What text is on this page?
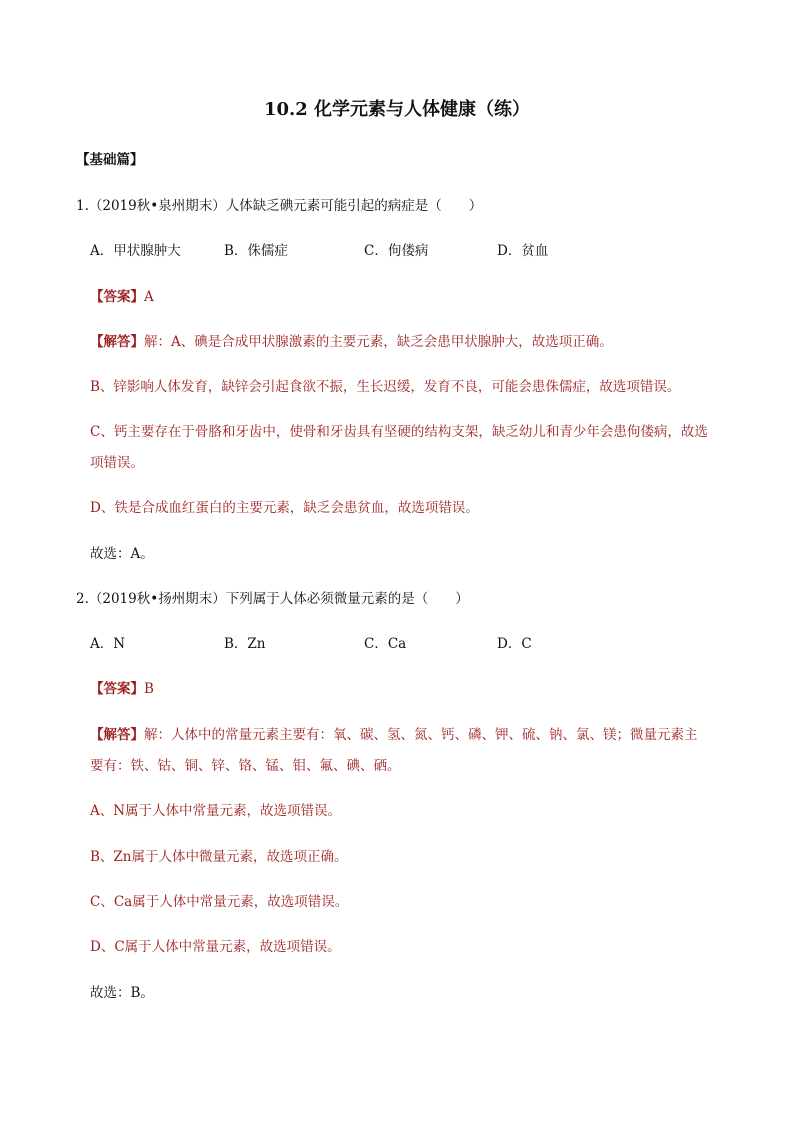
10.2 化学元素与人体健康（练）
【基础篇】
1.（2019秋•泉州期末）人体缺乏碘元素可能引起的病症是（　　）
A．甲状腺肿大	B．侏儒症	C．佝偻病	D．贫血
【答案】A
【解答】解：A、碘是合成甲状腺激素的主要元素，缺乏会患甲状腺肿大，故选项正确。
B、锌影响人体发育，缺锌会引起食欲不振，生长迟缓，发育不良，可能会患侏儒症，故选项错误。
C、钙主要存在于骨胳和牙齿中，使骨和牙齿具有坚硬的结构支架，缺乏幼儿和青少年会患佝偻病，故选
项错误。
D、铁是合成血红蛋白的主要元素，缺乏会患贫血，故选项错误。
故选：A。
2.（2019秋•扬州期末）下列属于人体必须微量元素的是（　　）
A．N	B．Zn	C．Ca	D．C
【答案】B
【解答】解：人体中的常量元素主要有：氧、碳、氢、氮、钙、磷、钾、硫、钠、氯、镁；微量元素主
要有：铁、钴、铜、锌、铬、锰、钼、氟、碘、硒。
A、N属于人体中常量元素，故选项错误。
B、Zn属于人体中微量元素，故选项正确。
C、Ca属于人体中常量元素，故选项错误。
D、C属于人体中常量元素，故选项错误。
故选：B。
